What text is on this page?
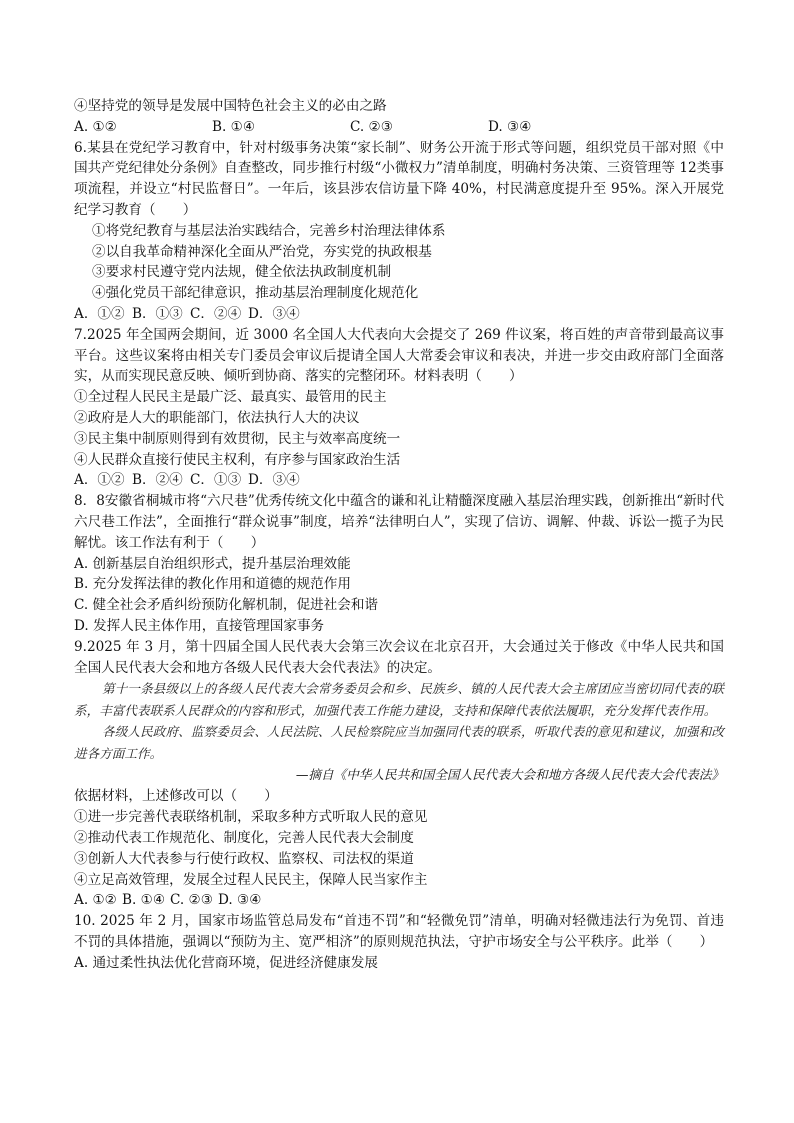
④坚持党的领导是发展中国特色社会主义的必由之路
A. ①②	B. ①④	C. ②③	D. ③④
6.某县在党纪学习教育中，针对村级事务决策“家长制”、财务公开流于形式等问题，组织党员干部对照《中国共产党纪律处分条例》自查整改，同步推行村级“小微权力”清单制度，明确村务决策、三资管理等 12类事项流程，并设立“村民监督日”。一年后，该县涉农信访量下降 40%，村民满意度提升至 95%。深入开展党纪学习教育（　　）
①将党纪教育与基层法治实践结合，完善乡村治理法律体系
②以自我革命精神深化全面从严治党，夯实党的执政根基
③要求村民遵守党内法规，健全依法执政制度机制
④强化党员干部纪律意识，推动基层治理制度化规范化
A．①② B．①③ C．②④ D．③④
7.2025 年全国两会期间，近 3000 名全国人大代表向大会提交了 269 件议案，将百姓的声音带到最高议事平台。这些议案将由相关专门委员会审议后提请全国人大常委会审议和表决，并进一步交由政府部门全面落实，从而实现民意反映、倾听到协商、落实的完整闭环。材料表明（　　）
①全过程人民民主是最广泛、最真实、最管用的民主
②政府是人大的职能部门，依法执行人大的决议
③民主集中制原则得到有效贯彻，民主与效率高度统一
④人民群众直接行使民主权利，有序参与国家政治生活
A．①② B．②④ C．①③ D．③④
8．8安徽省桐城市将“六尺巷”优秀传统文化中蕴含的谦和礼让精髓深度融入基层治理实践，创新推出“新时代六尺巷工作法”，全面推行“群众说事”制度，培养“法律明白人”，实现了信访、调解、仲裁、诉讼一揽子为民解忧。该工作法有利于（　　）
A. 创新基层自治组织形式，提升基层治理效能
B. 充分发挥法律的教化作用和道德的规范作用
C. 健全社会矛盾纠纷预防化解机制，促进社会和谐
D. 发挥人民主体作用，直接管理国家事务
9.2025 年 3 月，第十四届全国人民代表大会第三次会议在北京召开，大会通过关于修改《中华人民共和国全国人民代表大会和地方各级人民代表大会代表法》的决定。
第十一条县级以上的各级人民代表大会常务委员会和乡、民族乡、镇的人民代表大会主席团应当密切同代表的联系，丰富代表联系人民群众的内容和形式，加强代表工作能力建设，支持和保障代表依法履职，充分发挥代表作用。
各级人民政府、监察委员会、人民法院、人民检察院应当加强同代表的联系，听取代表的意见和建议，加强和改进各方面工作。
—摘自《中华人民共和国全国人民代表大会和地方各级人民代表大会代表法》
依据材料，上述修改可以（　　）
①进一步完善代表联络机制，采取多种方式听取人民的意见
②推动代表工作规范化、制度化，完善人民代表大会制度
③创新人大代表参与行使行政权、监察权、司法权的渠道
④立足高效管理，发展全过程人民民主，保障人民当家作主
A. ①② B. ①④ C. ②③ D. ③④
10. 2025 年 2 月，国家市场监管总局发布“首违不罚”和“轻微免罚”清单，明确对轻微违法行为免罚、首违不罚的具体措施，强调以“预防为主、宽严相济”的原则规范执法，守护市场安全与公平秩序。此举（　　）
A. 通过柔性执法优化营商环境，促进经济健康发展
